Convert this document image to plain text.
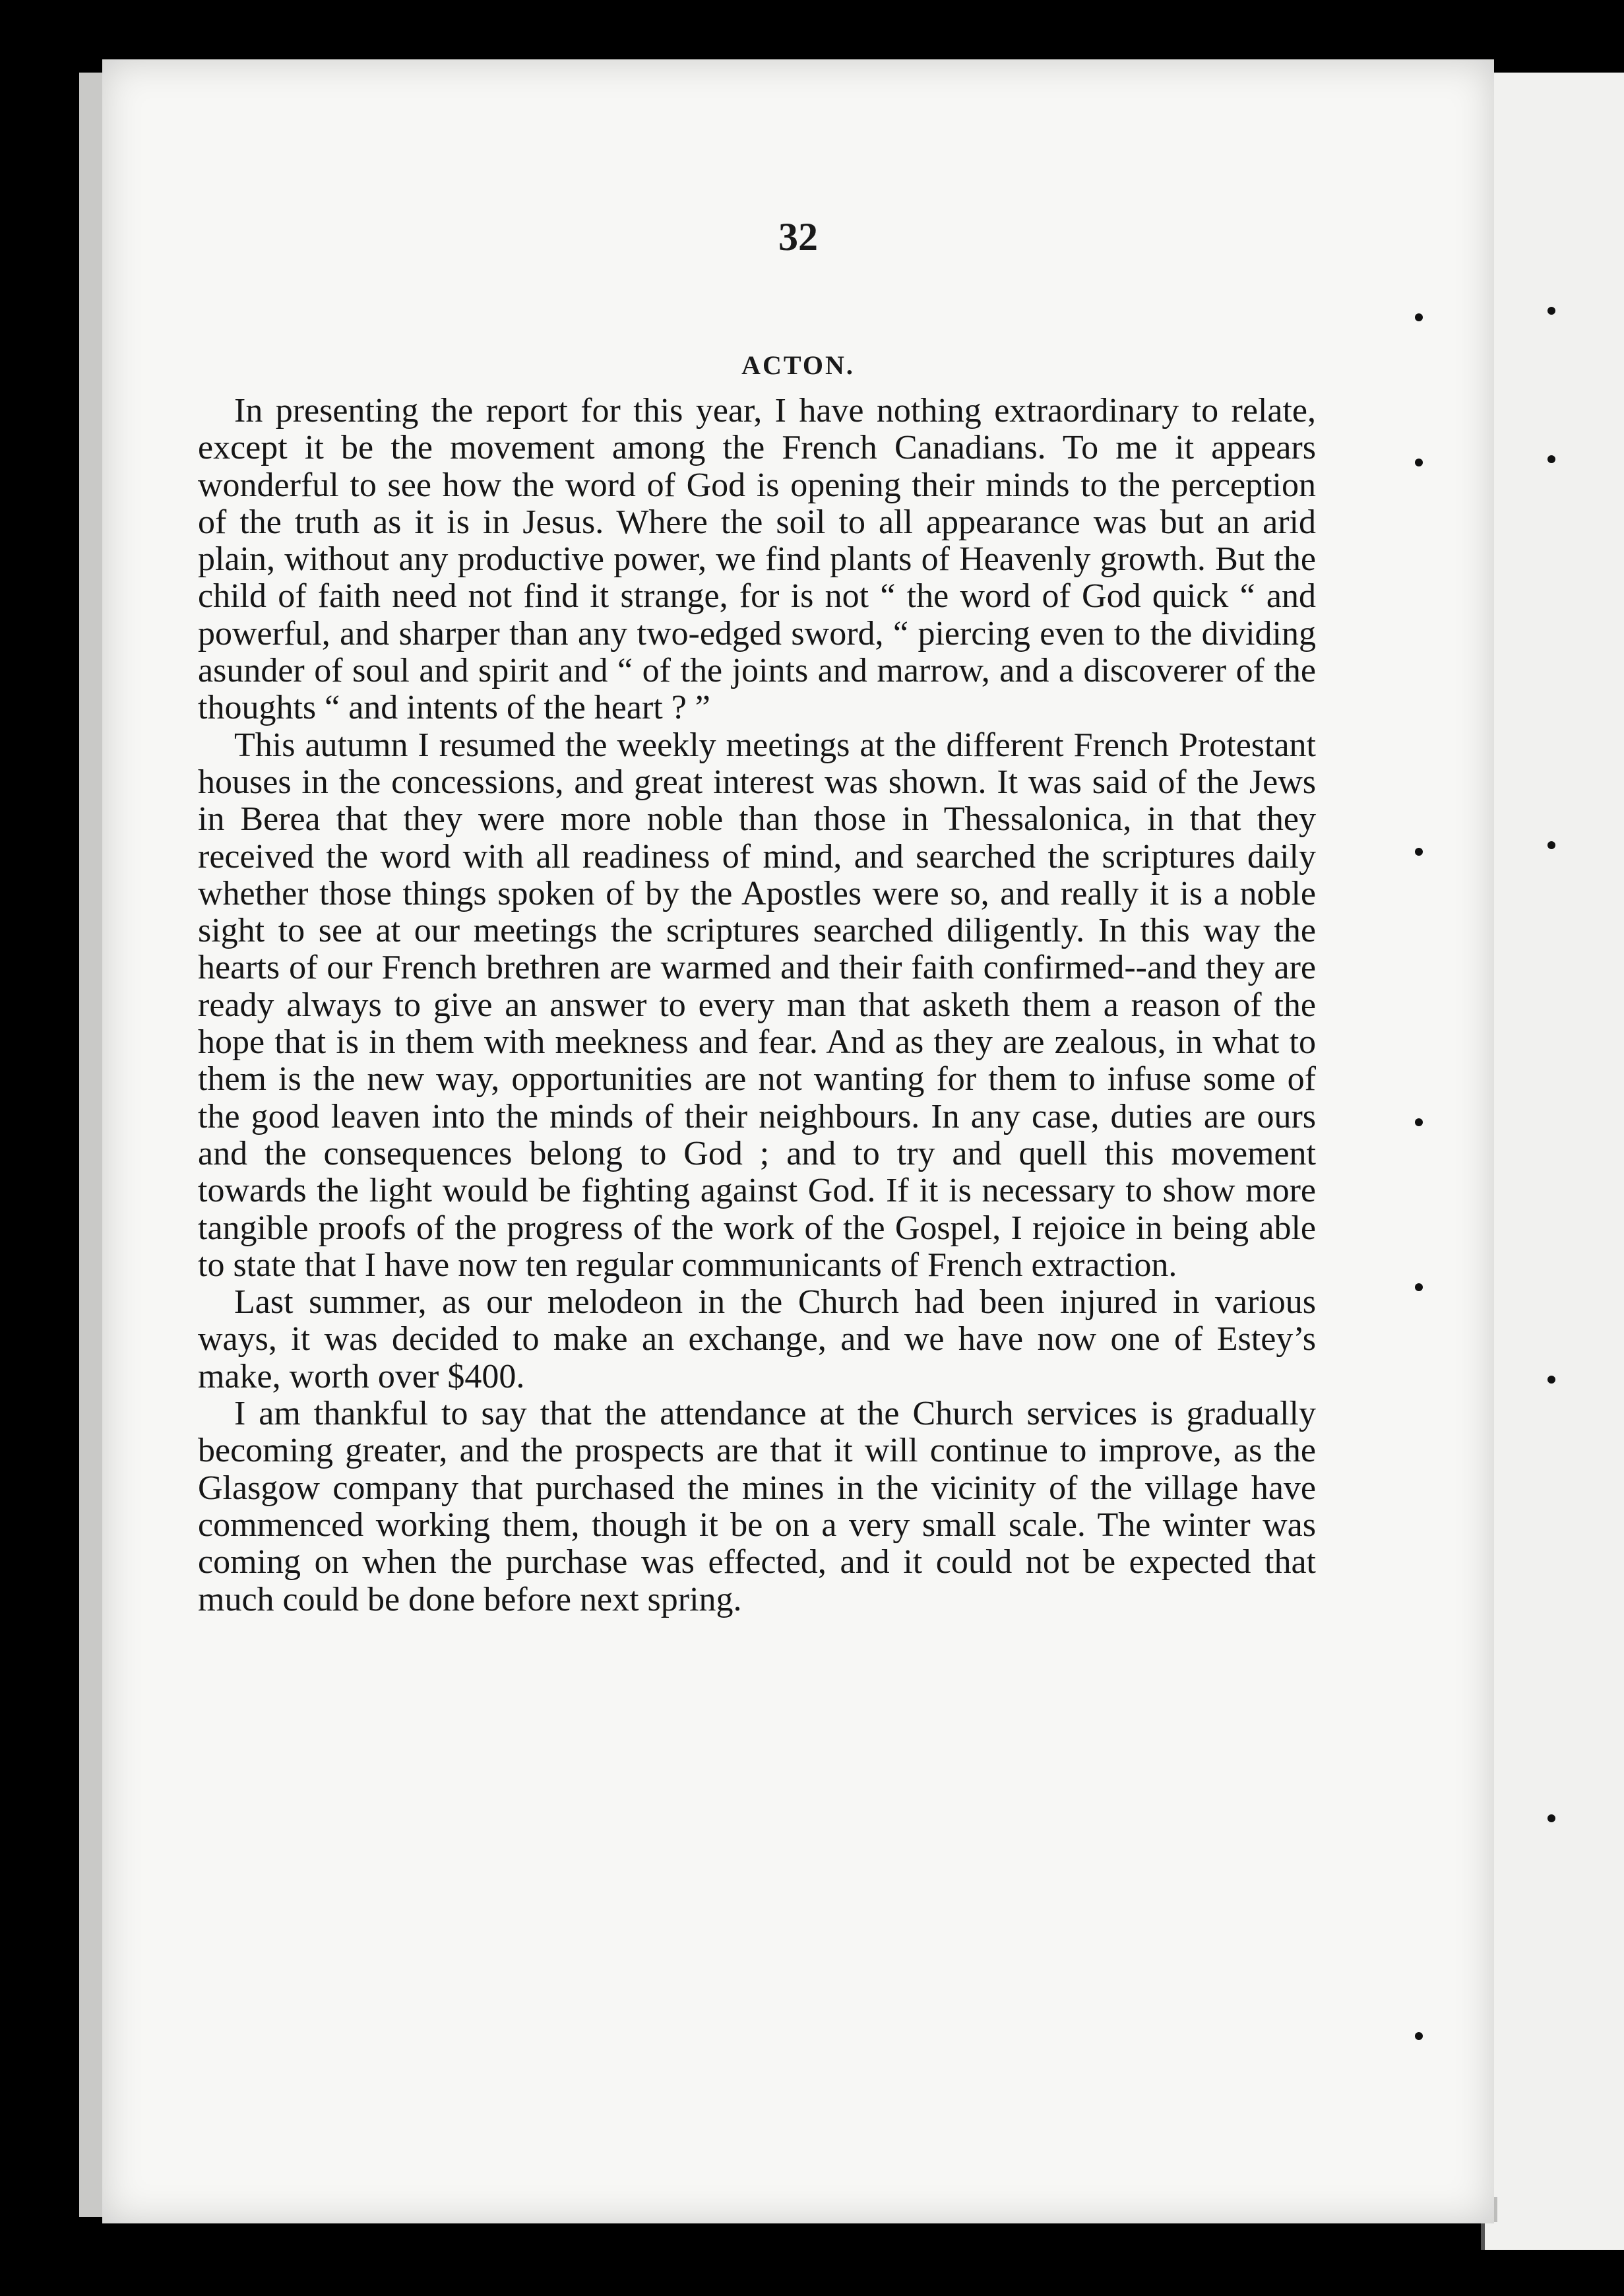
32
ACTON.

In presenting the report for this year, I have nothing extraordinary to relate, except it be the movement among the French Canadians. To me it appears wonderful to see how the word of God is opening their minds to the perception of the truth as it is in Jesus. Where the soil to all appearance was but an arid plain, without any productive power, we find plants of Heavenly growth. But the child of faith need not find it strange, for is not “ the word of God quick “ and powerful, and sharper than any two-edged sword, “ piercing even to the dividing asunder of soul and spirit and “ of the joints and marrow, and a discoverer of the thoughts “ and intents of the heart ? ”

This autumn I resumed the weekly meetings at the different French Protestant houses in the concessions, and great interest was shown. It was said of the Jews in Berea that they were more noble than those in Thessalonica, in that they received the word with all readiness of mind, and searched the scriptures daily whether those things spoken of by the Apostles were so, and really it is a noble sight to see at our meetings the scriptures searched diligently. In this way the hearts of our French brethren are warmed and their faith confirmed--and they are ready always to give an answer to every man that asketh them a reason of the hope that is in them with meekness and fear. And as they are zealous, in what to them is the new way, opportunities are not wanting for them to infuse some of the good leaven into the minds of their neighbours. In any case, duties are ours and the consequences belong to God ; and to try and quell this movement towards the light would be fighting against God. If it is necessary to show more tangible proofs of the progress of the work of the Gospel, I rejoice in being able to state that I have now ten regular communicants of French extraction.

Last summer, as our melodeon in the Church had been injured in various ways, it was decided to make an exchange, and we have now one of Estey’s make, worth over $400.

I am thankful to say that the attendance at the Church services is gradually becoming greater, and the prospects are that it will continue to improve, as the Glasgow company that purchased the mines in the vicinity of the village have commenced working them, though it be on a very small scale. The winter was coming on when the purchase was effected, and it could not be expected that much could be done before next spring.
